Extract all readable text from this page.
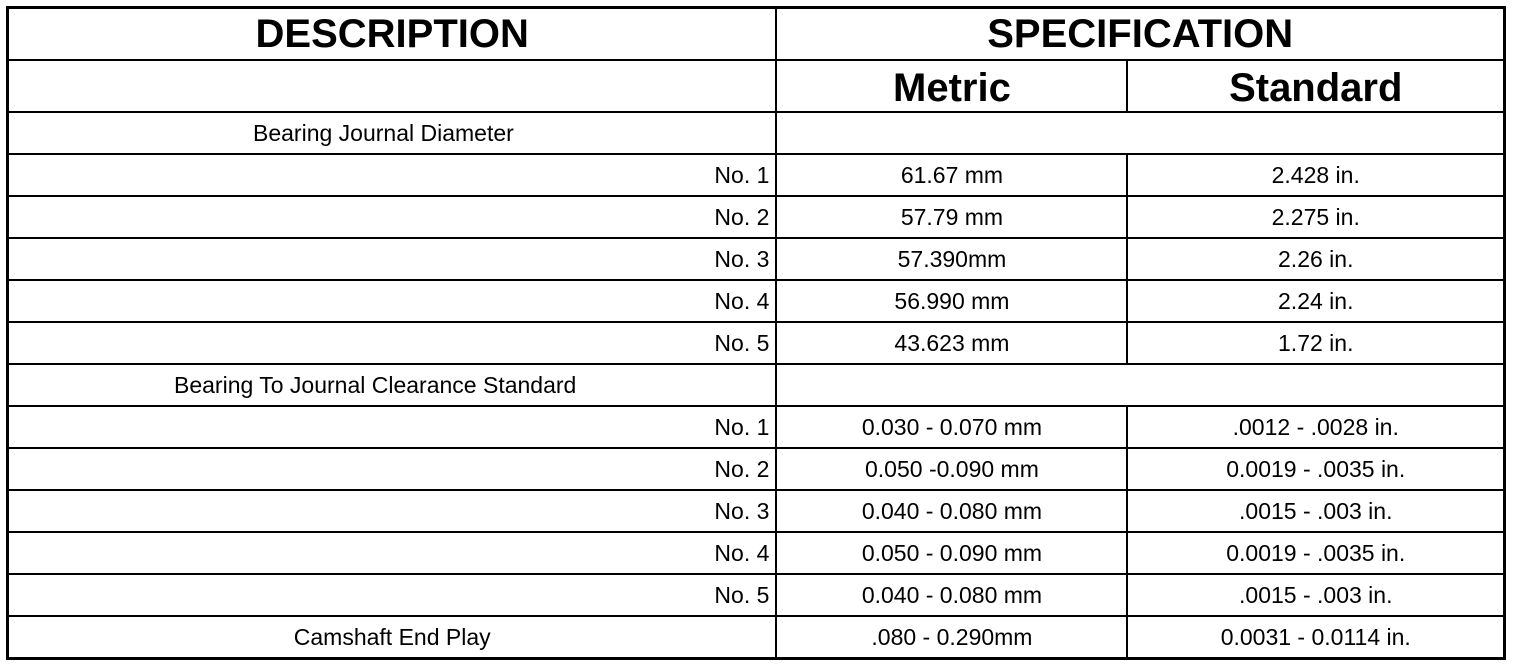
DESCRIPTION	SPECIFICATION	
	Metric	Standard
Bearing Journal Diameter		
No. 1	61.67 mm	2.428 in.
No. 2	57.79 mm	2.275 in.
No. 3	57.390mm	2.26 in.
No. 4	56.990 mm	2.24 in.
No. 5	43.623 mm	1.72 in.
Bearing To Journal Clearance Standard		
No. 1	0.030 - 0.070 mm	.0012 - .0028 in.
No. 2	0.050 -0.090 mm	0.0019 - .0035 in.
No. 3	0.040 - 0.080 mm	.0015 - .003 in.
No. 4	0.050 - 0.090 mm	0.0019 - .0035 in.
No. 5	0.040 - 0.080 mm	.0015 - .003 in.
Camshaft End Play	.080 - 0.290mm	0.0031 - 0.0114 in.
